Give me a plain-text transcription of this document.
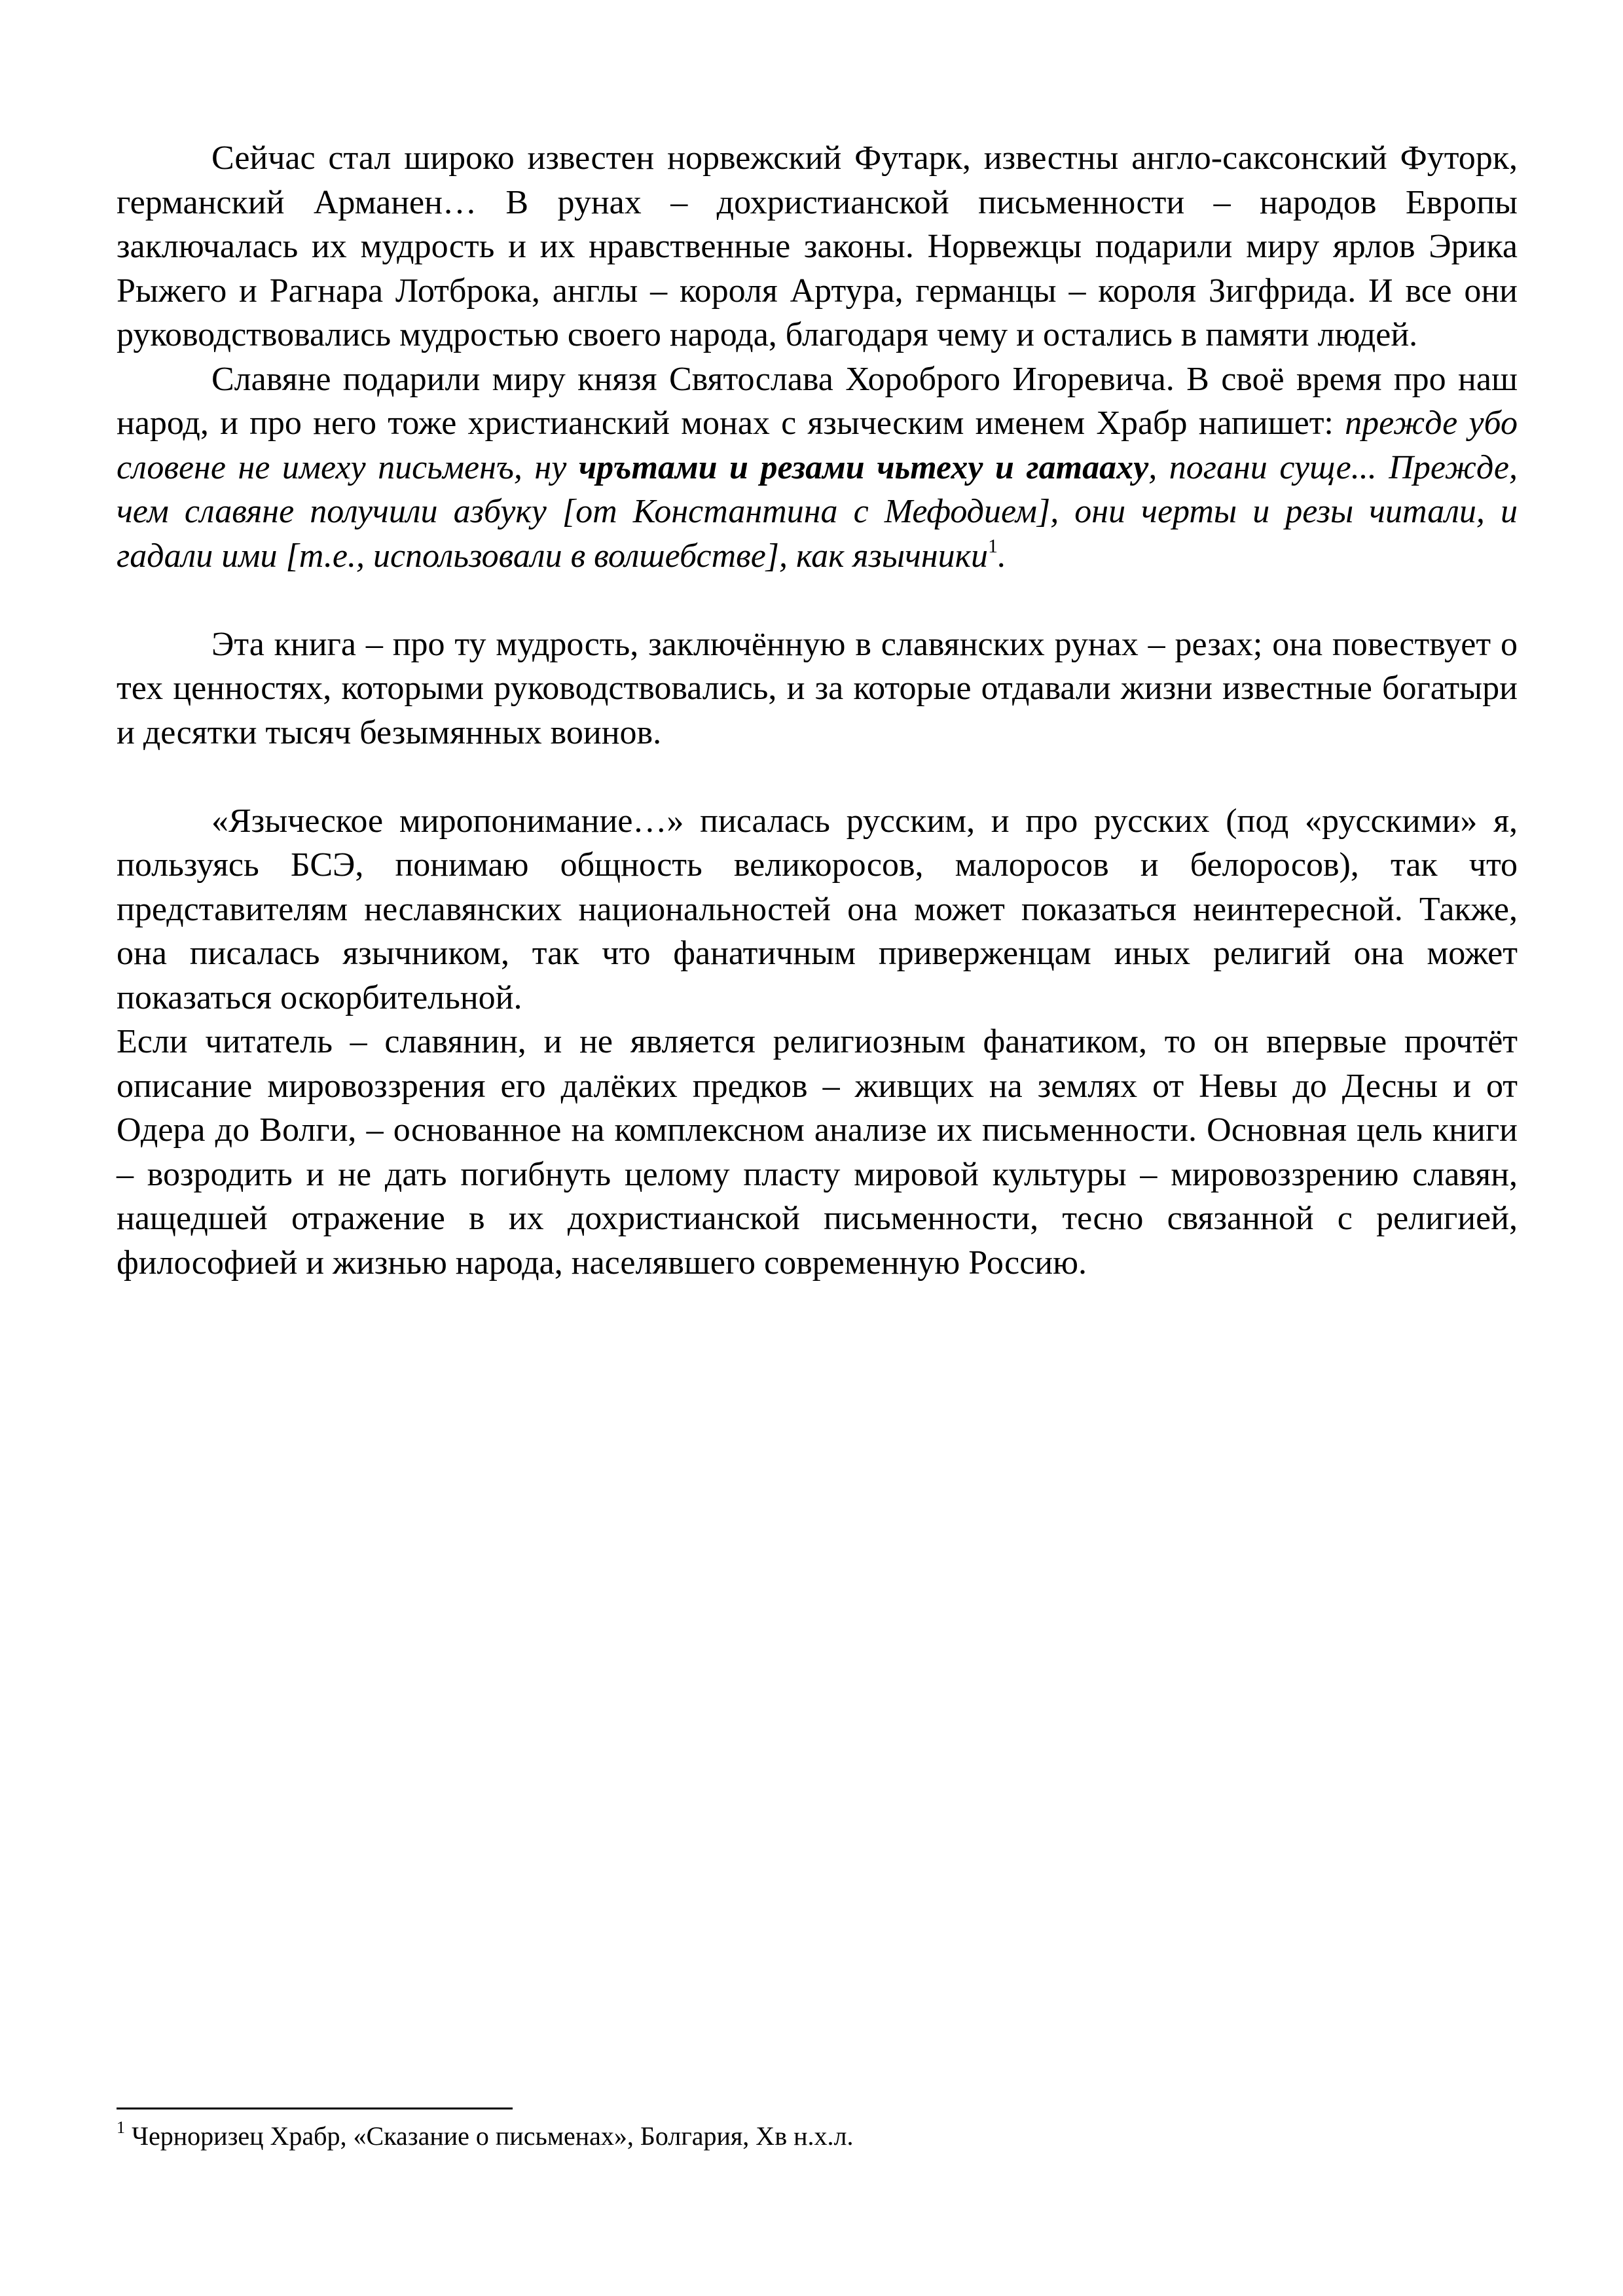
Сейчас стал широко известен норвежский Футарк, известны англо-саксонский Футорк, германский Арманен… В рунах – дохристианской письменности – народов Европы заключалась их мудрость и их нравственные законы. Норвежцы подарили миру ярлов Эрика Рыжего и Рагнара Лотброка, англы – короля Артура, германцы – короля Зигфрида. И все они руководствовались мудростью своего народа, благодаря чему и остались в памяти людей.

Славяне подарили миру князя Святослава Хороброго Игоревича. В своё время про наш народ, и про него тоже христианский монах с языческим именем Храбр напишет: прежде убо словене не имеху письменъ, ну чрътами и резами чьтеху и гатааху, погани суще... Прежде, чем славяне получили азбуку [от Константина с Мефодием], они черты и резы читали, и гадали ими [т.е., использовали в волшебстве], как язычники$^1$.

Эта книга – про ту мудрость, заключённую в славянских рунах – резах; она повествует о тех ценностях, которыми руководствовались, и за которые отдавали жизни известные богатыри и десятки тысяч безымянных воинов.

«Языческое миропонимание…» писалась русским, и про русских (под «русскими» я, пользуясь БСЭ, понимаю общность великоросов, малоросов и белоросов), так что представителям неславянских национальностей она может показаться неинтересной. Также, она писалась язычником, так что фанатичным приверженцам иных религий она может показаться оскорбительной.

Если читатель – славянин, и не является религиозным фанатиком, то он впервые прочтёт описание мировоззрения его далёких предков – живщих на землях от Невы до Десны и от Одера до Волги, – основанное на комплексном анализе их письменности. Основная цель книги – возродить и не дать погибнуть целому пласту мировой культуры – мировоззрению славян, нащедшей отражение в их дохристианской письменности, тесно связанной с религией, философией и жизнью народа, населявшего современную Россию.

$^1$ Черноризец Храбр, «Сказание о письменах», Болгария, Хв н.х.л.
